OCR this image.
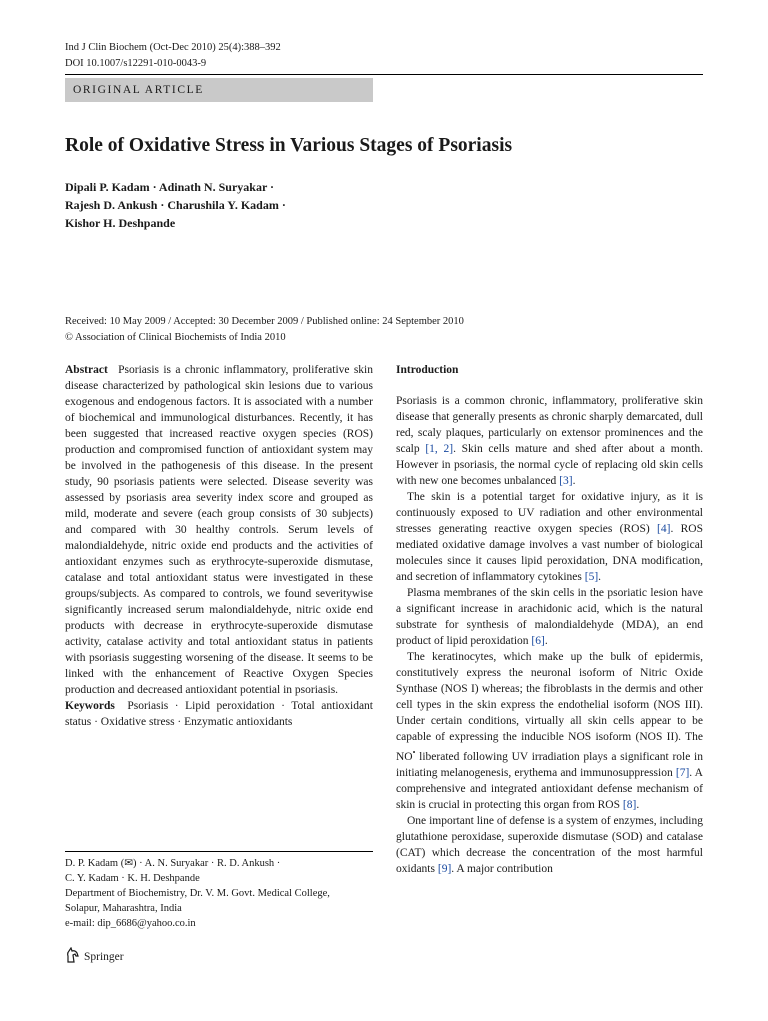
Ind J Clin Biochem (Oct-Dec 2010) 25(4):388–392
DOI 10.1007/s12291-010-0043-9
ORIGINAL ARTICLE
Role of Oxidative Stress in Various Stages of Psoriasis
Dipali P. Kadam · Adinath N. Suryakar ·
Rajesh D. Ankush · Charushila Y. Kadam ·
Kishor H. Deshpande
Received: 10 May 2009 / Accepted: 30 December 2009 / Published online: 24 September 2010
© Association of Clinical Biochemists of India 2010

Abstract Psoriasis is a chronic inflammatory, proliferative skin disease characterized by pathological skin lesions due to various exogenous and endogenous factors. It is associated with a number of biochemical and immunological disturbances. Recently, it has been suggested that increased reactive oxygen species (ROS) production and compromised function of antioxidant system may be involved in the pathogenesis of this disease. In the present study, 90 psoriasis patients were selected. Disease severity was assessed by psoriasis area severity index score and grouped as mild, moderate and severe (each group consists of 30 subjects) and compared with 30 healthy controls. Serum levels of malondialdehyde, nitric oxide end products and the activities of antioxidant enzymes such as erythrocyte-superoxide dismutase, catalase and total antioxidant status were investigated in these groups/subjects. As compared to controls, we found severitywise significantly increased serum malondialdehyde, nitric oxide end products with decrease in erythrocyte-superoxide dismutase activity, catalase activity and total antioxidant status in patients with psoriasis suggesting worsening of the disease. It seems to be linked with the enhancement of Reactive Oxygen Species production and decreased antioxidant potential in psoriasis.

Keywords Psoriasis · Lipid peroxidation · Total antioxidant status · Oxidative stress · Enzymatic antioxidants

D. P. Kadam (✉) · A. N. Suryakar · R. D. Ankush ·
C. Y. Kadam · K. H. Deshpande
Department of Biochemistry, Dr. V. M. Govt. Medical College,
Solapur, Maharashtra, India
e-mail: dip_6686@yahoo.co.in
Springer
Introduction

Psoriasis is a common chronic, inflammatory, proliferative skin disease that generally presents as chronic sharply demarcated, dull red, scaly plaques, particularly on extensor prominences and the scalp [1, 2]. Skin cells mature and shed after about a month. However in psoriasis, the normal cycle of replacing old skin cells with new one becomes unbalanced [3].

The skin is a potential target for oxidative injury, as it is continuously exposed to UV radiation and other environmental stresses generating reactive oxygen species (ROS) [4]. ROS mediated oxidative damage involves a vast number of biological molecules since it causes lipid peroxidation, DNA modification, and secretion of inflammatory cytokines [5].

Plasma membranes of the skin cells in the psoriatic lesion have a significant increase in arachidonic acid, which is the natural substrate for synthesis of malondialdehyde (MDA), an end product of lipid peroxidation [6].

The keratinocytes, which make up the bulk of epidermis, constitutively express the neuronal isoform of Nitric Oxide Synthase (NOS I) whereas; the fibroblasts in the dermis and other cell types in the skin express the endothelial isoform (NOS III). Under certain conditions, virtually all skin cells appear to be capable of expressing the inducible NOS isoform (NOS II). The NO• liberated following UV irradiation plays a significant role in initiating melanogenesis, erythema and immunosuppression [7]. A comprehensive and integrated antioxidant defense mechanism of skin is crucial in protecting this organ from ROS [8].

One important line of defense is a system of enzymes, including glutathione peroxidase, superoxide dismutase (SOD) and catalase (CAT) which decrease the concentration of the most harmful oxidants [9]. A major contribution
